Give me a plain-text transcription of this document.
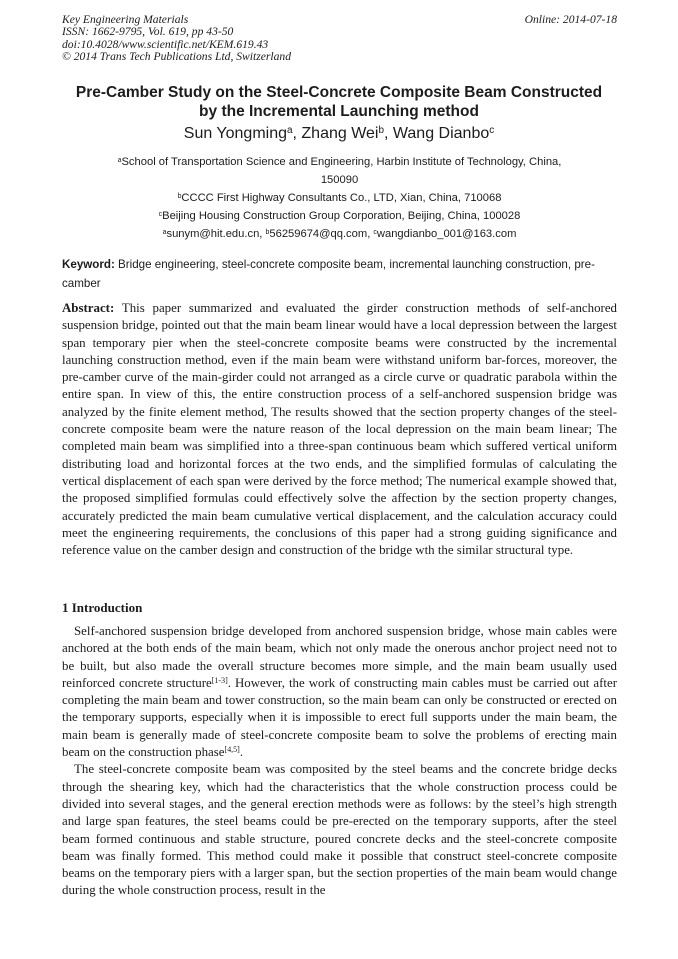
Key Engineering Materials
ISSN: 1662-9795, Vol. 619, pp 43-50
doi:10.4028/www.scientific.net/KEM.619.43
© 2014 Trans Tech Publications Ltd, Switzerland
Online: 2014-07-18
Pre-Camber Study on the Steel-Concrete Composite Beam Constructed
by the Incremental Launching method
Sun Yongming$^a$, Zhang Wei$^b$, Wang Dianbo$^c$
$^a$School of Transportation Science and Engineering, Harbin Institute of Technology, China,
150090
$^b$CCCC First Highway Consultants Co., LTD, Xian, China, 710068
$^c$Beijing Housing Construction Group Corporation, Beijing, China, 100028
$^a$sunym@hit.edu.cn, $^b$56259674@qq.com, $^c$wangdianbo_001@163.com
Keyword: Bridge engineering, steel-concrete composite beam, incremental launching construction, pre-camber
Abstract: This paper summarized and evaluated the girder construction methods of self-anchored suspension bridge, pointed out that the main beam linear would have a local depression between the largest span temporary pier when the steel-concrete composite beams were constructed by the incremental launching construction method, even if the main beam were withstand uniform bar-forces, moreover, the pre-camber curve of the main-girder could not arranged as a circle curve or quadratic parabola within the entire span. In view of this, the entire construction process of a self-anchored suspension bridge was analyzed by the finite element method, The results showed that the section property changes of the steel-concrete composite beam were the nature reason of the local depression on the main beam linear; The completed main beam was simplified into a three-span continuous beam which suffered vertical uniform distributing load and horizontal forces at the two ends, and the simplified formulas of calculating the vertical displacement of each span were derived by the force method; The numerical example showed that, the proposed simplified formulas could effectively solve the affection by the section property changes, accurately predicted the main beam cumulative vertical displacement, and the calculation accuracy could meet the engineering requirements, the conclusions of this paper had a strong guiding significance and reference value on the camber design and construction of the bridge wth the similar structural type.
1 Introduction

Self-anchored suspension bridge developed from anchored suspension bridge, whose main cables were anchored at the both ends of the main beam, which not only made the onerous anchor project need not to be built, but also made the overall structure becomes more simple, and the main beam usually used reinforced concrete structure[1-3]. However, the work of constructing main cables must be carried out after completing the main beam and tower construction, so the main beam can only be constructed or erected on the temporary supports, especially when it is impossible to erect full supports under the main beam, the main beam is generally made of steel-concrete composite beam to solve the problems of erecting main beam on the construction phase[4,5].

The steel-concrete composite beam was composited by the steel beams and the concrete bridge decks through the shearing key, which had the characteristics that the whole construction process could be divided into several stages, and the general erection methods were as follows: by the steel’s high strength and large span features, the steel beams could be pre-erected on the temporary supports, after the steel beam formed continuous and stable structure, poured concrete decks and the steel-concrete composite beam was finally formed. This method could make it possible that construct steel-concrete composite beams on the temporary piers with a larger span, but the section properties of the main beam would change during the whole construction process, result in the
